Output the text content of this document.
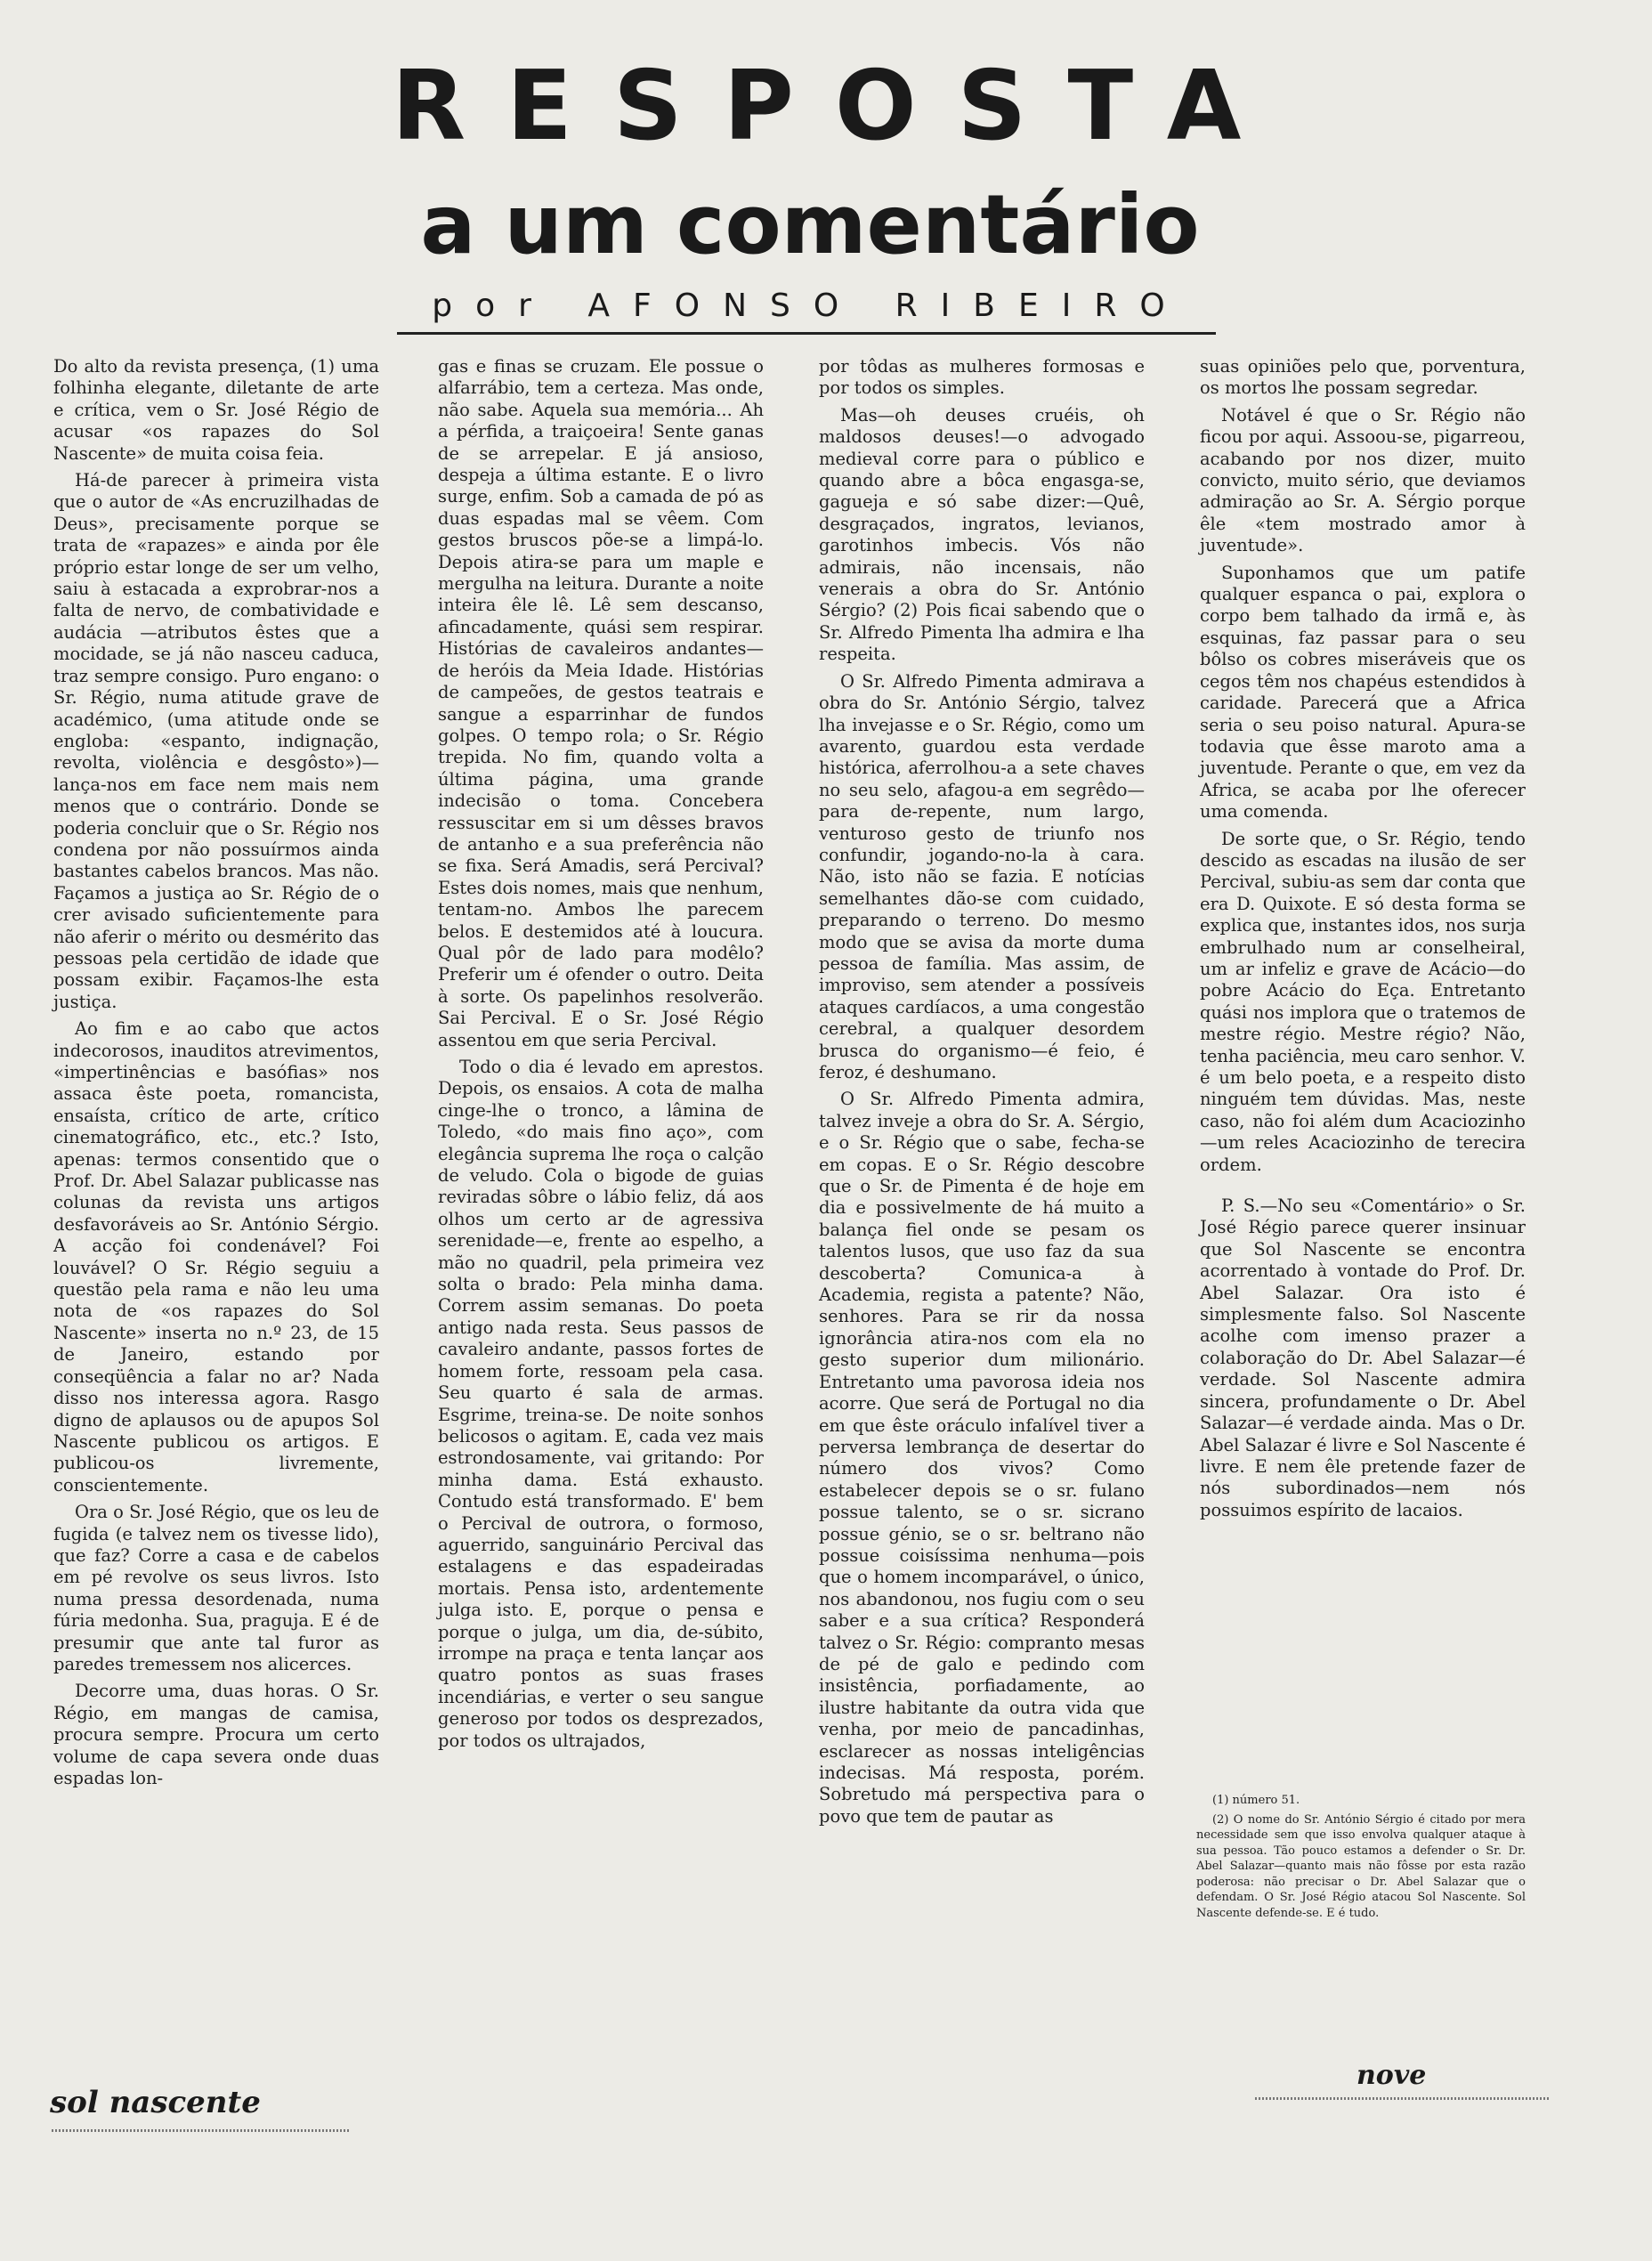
RESPOSTA
a um comentário
por AFONSO RIBEIRO

Do alto da revista presença, (1) uma folhinha elegante, diletante de arte e crítica, vem o Sr. José Régio de acusar «os rapazes do Sol Nascente» de muita coisa feia.

Há-de parecer à primeira vista que o autor de «As encruzilhadas de Deus», precisamente porque se trata de «rapazes» e ainda por êle próprio estar longe de ser um velho, saiu à estacada a exprobrar-nos a falta de nervo, de combatividade e audácia —atributos êstes que a mocidade, se já não nasceu caduca, traz sempre consigo. Puro engano: o Sr. Régio, numa atitude grave de académico, (uma atitude onde se engloba: «espanto, indignação, revolta, violência e desgôsto»)—lança-nos em face nem mais nem menos que o contrário. Donde se poderia concluir que o Sr. Régio nos condena por não possuírmos ainda bastantes cabelos brancos. Mas não. Façamos a justiça ao Sr. Régio de o crer avisado suficientemente para não aferir o mérito ou desmérito das pessoas pela certidão de idade que possam exibir. Façamos-lhe esta justiça.

Ao fim e ao cabo que actos indecorosos, inauditos atrevimentos, «impertinências e basófias» nos assaca êste poeta, romancista, ensaísta, crítico de arte, crítico cinematográfico, etc., etc.? Isto, apenas: termos consentido que o Prof. Dr. Abel Salazar publicasse nas colunas da revista uns artigos desfavoráveis ao Sr. António Sérgio. A acção foi condenável? Foi louvável? O Sr. Régio seguiu a questão pela rama e não leu uma nota de «os rapazes do Sol Nascente» inserta no n.º 23, de 15 de Janeiro, estando por conseqüência a falar no ar? Nada disso nos interessa agora. Rasgo digno de aplausos ou de apupos Sol Nascente publicou os artigos. E publicou-os livremente, conscientemente.

Ora o Sr. José Régio, que os leu de fugida (e talvez nem os tivesse lido), que faz? Corre a casa e de cabelos em pé revolve os seus livros. Isto numa pressa desordenada, numa fúria medonha. Sua, praguja. E é de presumir que ante tal furor as paredes tremessem nos alicerces.

Decorre uma, duas horas. O Sr. Régio, em mangas de camisa, procura sempre. Procura um certo volume de capa severa onde duas espadas lon-

gas e finas se cruzam. Ele possue o alfarrábio, tem a certeza. Mas onde, não sabe. Aquela sua memória... Ah a pérfida, a traiçoeira! Sente ganas de se arrepelar. E já ansioso, despeja a última estante. E o livro surge, enfim. Sob a camada de pó as duas espadas mal se vêem. Com gestos bruscos põe-se a limpá-lo. Depois atira-se para um maple e mergulha na leitura. Durante a noite inteira êle lê. Lê sem descanso, afincadamente, quási sem respirar. Histórias de cavaleiros andantes—de heróis da Meia Idade. Histórias de campeões, de gestos teatrais e sangue a esparrinhar de fundos golpes. O tempo rola; o Sr. Régio trepida. No fim, quando volta a última página, uma grande indecisão o toma. Concebera ressuscitar em si um dêsses bravos de antanho e a sua preferência não se fixa. Será Amadis, será Percival? Estes dois nomes, mais que nenhum, tentam-no. Ambos lhe parecem belos. E destemidos até à loucura. Qual pôr de lado para modêlo? Preferir um é ofender o outro. Deita à sorte. Os papelinhos resolverão. Sai Percival. E o Sr. José Régio assentou em que seria Percival.

Todo o dia é levado em aprestos. Depois, os ensaios. A cota de malha cinge-lhe o tronco, a lâmina de Toledo, «do mais fino aço», com elegância suprema lhe roça o calção de veludo. Cola o bigode de guias reviradas sôbre o lábio feliz, dá aos olhos um certo ar de agressiva serenidade—e, frente ao espelho, a mão no quadril, pela primeira vez solta o brado: Pela minha dama. Correm assim semanas. Do poeta antigo nada resta. Seus passos de cavaleiro andante, passos fortes de homem forte, ressoam pela casa. Seu quarto é sala de armas. Esgrime, treina-se. De noite sonhos belicosos o agitam. E, cada vez mais estrondosamente, vai gritando: Por minha dama. Está exhausto. Contudo está transformado. E' bem o Percival de outrora, o formoso, aguerrido, sanguinário Percival das estalagens e das espadeiradas mortais. Pensa isto, ardentemente julga isto. E, porque o pensa e porque o julga, um dia, de-súbito, irrompe na praça e tenta lançar aos quatro pontos as suas frases incendiárias, e verter o seu sangue generoso por todos os desprezados, por todos os ultrajados,

por tôdas as mulheres formosas e por todos os simples.

Mas—oh deuses cruéis, oh maldosos deuses!—o advogado medieval corre para o público e quando abre a bôca engasga-se, gagueja e só sabe dizer:—Quê, desgraçados, ingratos, levianos, garotinhos imbecis. Vós não admirais, não incensais, não venerais a obra do Sr. António Sérgio? (2) Pois ficai sabendo que o Sr. Alfredo Pimenta lha admira e lha respeita.

O Sr. Alfredo Pimenta admirava a obra do Sr. António Sérgio, talvez lha invejasse e o Sr. Régio, como um avarento, guardou esta verdade histórica, aferrolhou-a a sete chaves no seu selo, afagou-a em segrêdo—para de-repente, num largo, venturoso gesto de triunfo nos confundir, jogando-no-la à cara. Não, isto não se fazia. E notícias semelhantes dão-se com cuidado, preparando o terreno. Do mesmo modo que se avisa da morte duma pessoa de família. Mas assim, de improviso, sem atender a possíveis ataques cardíacos, a uma congestão cerebral, a qualquer desordem brusca do organismo—é feio, é feroz, é deshumano.

O Sr. Alfredo Pimenta admira, talvez inveje a obra do Sr. A. Sérgio, e o Sr. Régio que o sabe, fecha-se em copas. E o Sr. Régio descobre que o Sr. de Pimenta é de hoje em dia e possivelmente de há muito a balança fiel onde se pesam os talentos lusos, que uso faz da sua descoberta? Comunica-a à Academia, regista a patente? Não, senhores. Para se rir da nossa ignorância atira-nos com ela no gesto superior dum milionário. Entretanto uma pavorosa ideia nos acorre. Que será de Portugal no dia em que êste oráculo infalível tiver a perversa lembrança de desertar do número dos vivos? Como estabelecer depois se o sr. fulano possue talento, se o sr. sicrano possue génio, se o sr. beltrano não possue coisíssima nenhuma—pois que o homem incomparável, o único, nos abandonou, nos fugiu com o seu saber e a sua crítica? Responderá talvez o Sr. Régio: compranto mesas de pé de galo e pedindo com insistência, porfiadamente, ao ilustre habitante da outra vida que venha, por meio de pancadinhas, esclarecer as nossas inteligências indecisas. Má resposta, porém. Sobretudo má perspectiva para o povo que tem de pautar as

suas opiniões pelo que, porventura, os mortos lhe possam segredar.

Notável é que o Sr. Régio não ficou por aqui. Assoou-se, pigarreou, acabando por nos dizer, muito convicto, muito sério, que deviamos admiração ao Sr. A. Sérgio porque êle «tem mostrado amor à juventude».

Suponhamos que um patife qualquer espanca o pai, explora o corpo bem talhado da irmã e, às esquinas, faz passar para o seu bôlso os cobres miseráveis que os cegos têm nos chapéus estendidos à caridade. Parecerá que a Africa seria o seu poiso natural. Apura-se todavia que êsse maroto ama a juventude. Perante o que, em vez da Africa, se acaba por lhe oferecer uma comenda.

De sorte que, o Sr. Régio, tendo descido as escadas na ilusão de ser Percival, subiu-as sem dar conta que era D. Quixote. E só desta forma se explica que, instantes idos, nos surja embrulhado num ar conselheiral, um ar infeliz e grave de Acácio—do pobre Acácio do Eça. Entretanto quási nos implora que o tratemos de mestre régio. Mestre régio? Não, tenha paciência, meu caro senhor. V. é um belo poeta, e a respeito disto ninguém tem dúvidas. Mas, neste caso, não foi além dum Acaciozinho—um reles Acaciozinho de terecira ordem.

P. S.—No seu «Comentário» o Sr. José Régio parece querer insinuar que Sol Nascente se encontra acorrentado à vontade do Prof. Dr. Abel Salazar. Ora isto é simplesmente falso. Sol Nascente acolhe com imenso prazer a colaboração do Dr. Abel Salazar—é verdade. Sol Nascente admira sincera, profundamente o Dr. Abel Salazar—é verdade ainda. Mas o Dr. Abel Salazar é livre e Sol Nascente é livre. E nem êle pretende fazer de nós subordinados—nem nós possuimos espírito de lacaios.

(1) número 51.

(2) O nome do Sr. António Sérgio é citado por mera necessidade sem que isso envolva qualquer ataque à sua pessoa. Tão pouco estamos a defender o Sr. Dr. Abel Salazar—quanto mais não fôsse por esta razão poderosa: não precisar o Dr. Abel Salazar que o defendam. O Sr. José Régio atacou Sol Nascente. Sol Nascente defende-se. E é tudo.

sol nascente
nove
